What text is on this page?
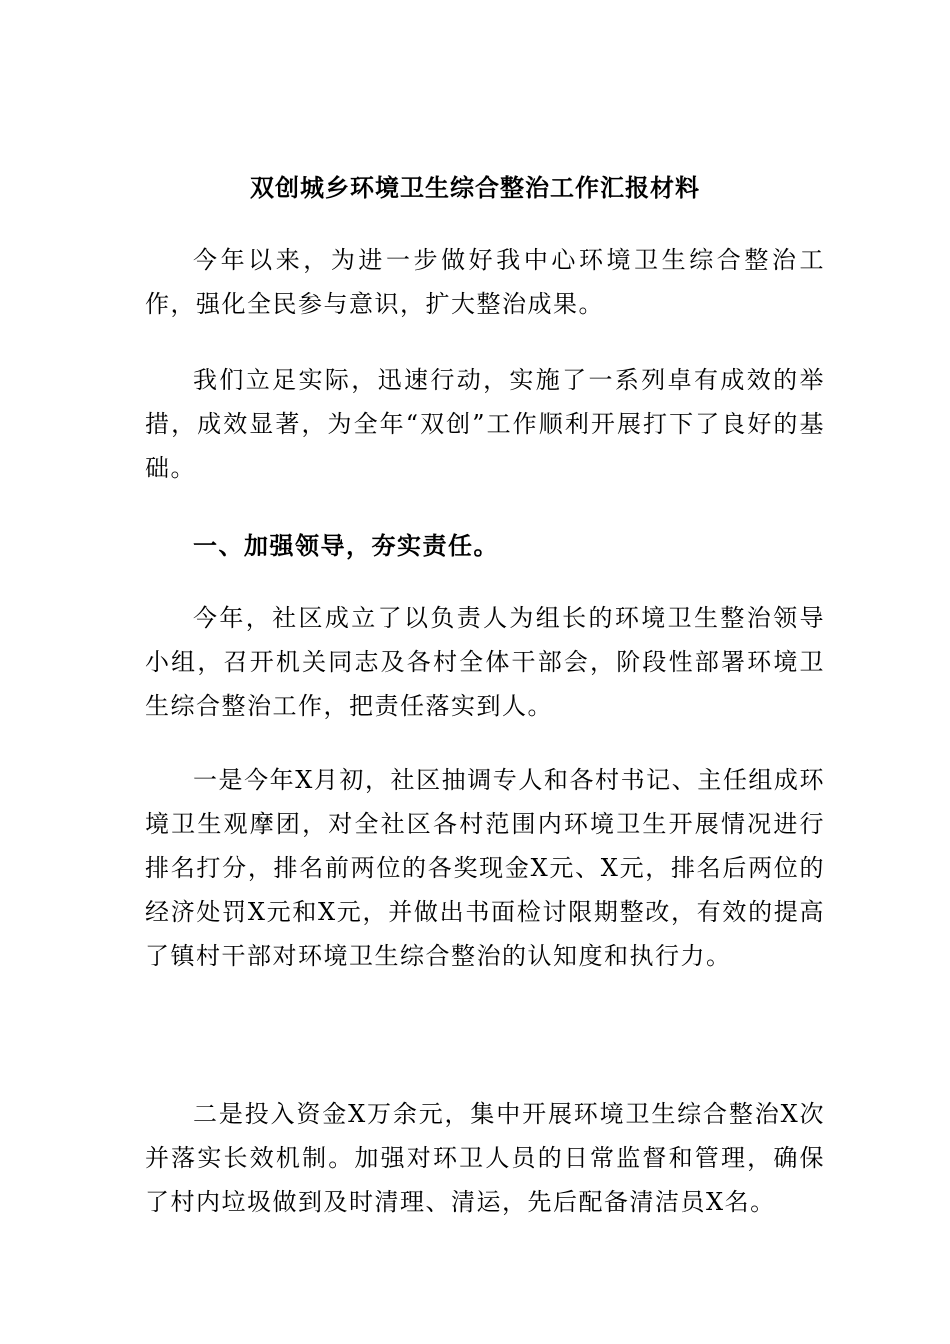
双创城乡环境卫生综合整治工作汇报材料
今年以来，为进一步做好我中心环境卫生综合整治工作，强化全民参与意识，扩大整治成果。
我们立足实际，迅速行动，实施了一系列卓有成效的举措，成效显著，为全年“双创”工作顺利开展打下了良好的基础。
一、加强领导，夯实责任。
今年，社区成立了以负责人为组长的环境卫生整治领导小组，召开机关同志及各村全体干部会，阶段性部署环境卫生综合整治工作，把责任落实到人。
一是今年X月初，社区抽调专人和各村书记、主任组成环境卫生观摩团，对全社区各村范围内环境卫生开展情况进行排名打分，排名前两位的各奖现金X元、X元，排名后两位的经济处罚X元和X元，并做出书面检讨限期整改，有效的提高了镇村干部对环境卫生综合整治的认知度和执行力。
二是投入资金X万余元，集中开展环境卫生综合整治X次并落实长效机制。加强对环卫人员的日常监督和管理，确保了村内垃圾做到及时清理、清运，先后配备清洁员X名。
